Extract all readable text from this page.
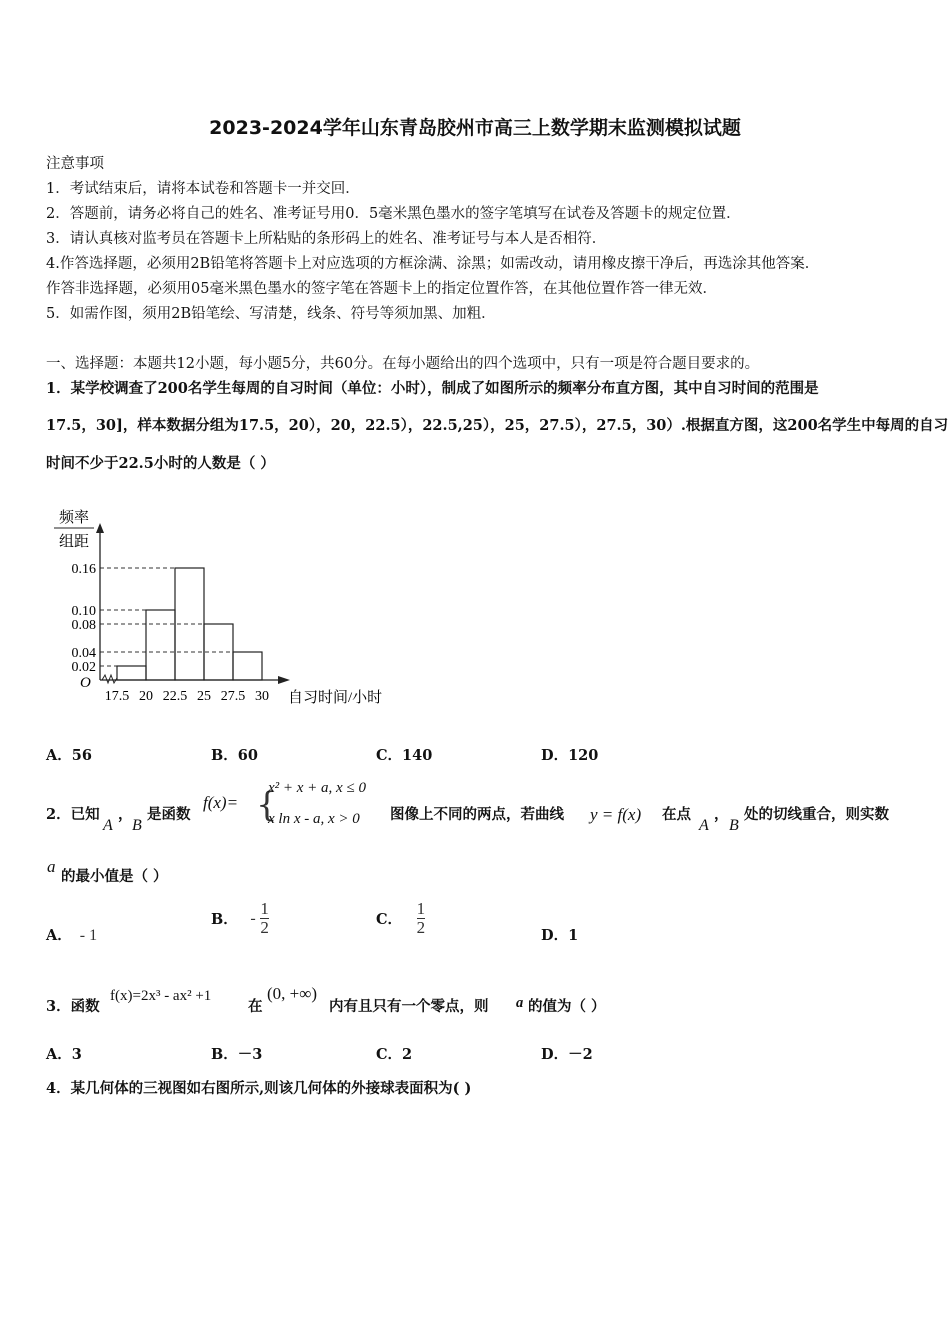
2023-2024学年山东青岛胶州市高三上数学期末监测模拟试题
注意事项
1．考试结束后，请将本试卷和答题卡一并交回．
2．答题前，请务必将自己的姓名、准考证号用0．5毫米黑色墨水的签字笔填写在试卷及答题卡的规定位置．
3．请认真核对监考员在答题卡上所粘贴的条形码上的姓名、准考证号与本人是否相符．
4.作答选择题，必须用2B铅笔将答题卡上对应选项的方框涂满、涂黑；如需改动，请用橡皮擦干净后，再选涂其他答案．
作答非选择题，必须用05毫米黑色墨水的签字笔在答题卡上的指定位置作答，在其他位置作答一律无效．
5．如需作图，须用2B铅笔绘、写清楚，线条、符号等须加黑、加粗．
一、选择题：本题共12小题，每小题5分，共60分。在每小题给出的四个选项中，只有一项是符合题目要求的。
1．某学校调查了200名学生每周的自习时间（单位：小时），制成了如图所示的频率分布直方图，其中自习时间的范围是
17.5，30]，样本数据分组为17.5，20），20，22.5），22.5,25），25，27.5），27.5，30）.根据直方图，这200名学生中每周的自习
时间不少于22.5小时的人数是（ ）
0.02
0.04
0.08
0.10
0.16
O
17.5 20 22.5 25 27.5 30
频率
组距
自习时间/小时
A．56	B．60	C．140	D．120
2．已知
A
，
B
是函数
f(x)= {
x² + x + a, x ≤ 0
x ln x - a, x > 0 图像上不同的两点，若曲线 y = f(x) 在点
A
，
B
处的切线重合，则实数
a
的最小值是（ ）
A． - 1
B． - $\frac{1}{2}$	C． $\frac{1}{2}$	D．1
3．函数
f(x)=2x³ - ax² +1
在
(0, +∞)
内有且只有一个零点，则 a 的值为（ ）
A．3	B．－3	C．2	D．－2
4．某几何体的三视图如右图所示,则该几何体的外接球表面积为( )
